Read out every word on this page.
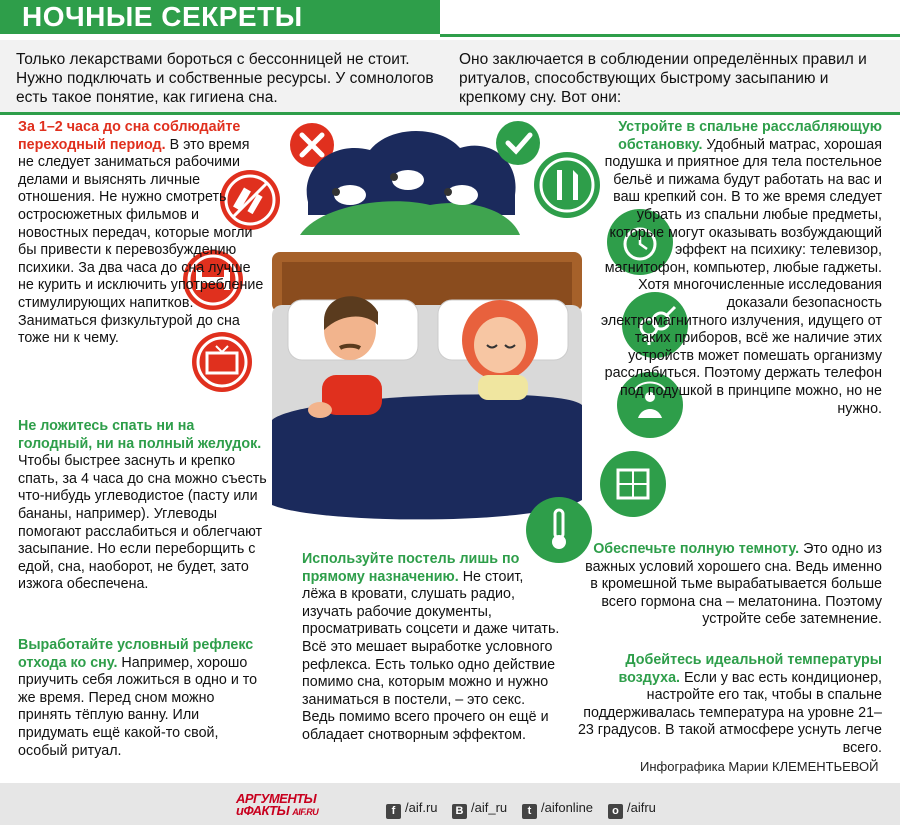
НОЧНЫЕ СЕКРЕТЫ
Только лекарствами бороться с бессонницей не стоит. Нужно подключать и собственные ресурсы. У сомнологов есть такое понятие, как гигиена сна.
Оно заключается в соблюдении определённых правил и ритуалов, способствующих быстрому засыпанию и крепкому сну. Вот они:
За 1–2 часа до сна соблюдайте переходный период. В это время не следует заниматься рабочими делами и выяснять личные отношения. Не нужно смотреть остросюжетных фильмов и новостных передач, которые могли бы привести к перевозбуждению психики. За два часа до сна лучше не курить и исключить употребление стимулирующих напитков. Заниматься физкультурой до сна тоже ни к чему.
Не ложитесь спать ни на голодный, ни на полный желудок. Чтобы быстрее заснуть и крепко спать, за 4 часа до сна можно съесть что-нибудь углеводистое (пасту или бананы, например). Углеводы помогают расслабиться и облегчают засыпание. Но если переборщить с едой, сна, наоборот, не будет, зато изжога обеспечена.
Выработайте условный рефлекс отхода ко сну. Например, хорошо приучить себя ложиться в одно и то же время. Перед сном можно принять тёплую ванну. Или придумать ещё какой-то свой, особый ритуал.
Используйте постель лишь по прямому назначению. Не стоит, лёжа в кровати, слушать радио, изучать рабочие документы, просматривать соцсети и даже читать. Всё это мешает выработке условного рефлекса. Есть только одно действие помимо сна, которым можно и нужно заниматься в постели, – это секс. Ведь помимо всего прочего он ещё и обладает снотворным эффектом.
Устройте в спальне расслабляющую обстановку. Удобный матрас, хорошая подушка и приятное для тела постельное бельё и пижама будут работать на вас и ваш крепкий сон. В то же время следует убрать из спальни любые предметы, которые могут оказывать возбуждающий эффект на психику: телевизор, магнитофон, компьютер, любые гаджеты. Хотя многочисленные исследования доказали безопасность электромагнитного излучения, идущего от таких приборов, всё же наличие этих устройств может помешать организму расслабиться. Поэтому держать телефон под подушкой в принципе можно, но не нужно.
Обеспечьте полную темноту. Это одно из важных условий хорошего сна. Ведь именно в кромешной тьме вырабатывается больше всего гормона сна – мелатонина. Поэтому устройте себе затемнение.
Добейтесь идеальной температуры воздуха. Если у вас есть кондиционер, настройте его так, чтобы в спальне поддерживалась температура на уровне 21–23 градусов. В такой атмосфере уснуть легче всего.
Инфографика Марии КЛЕМЕНТЬЕВОЙ
АРГУМЕНТЫ
иФАКТЫ AIF.RU	f /aif.ru	В /aif_ru	t /aifonline	о /aifru
